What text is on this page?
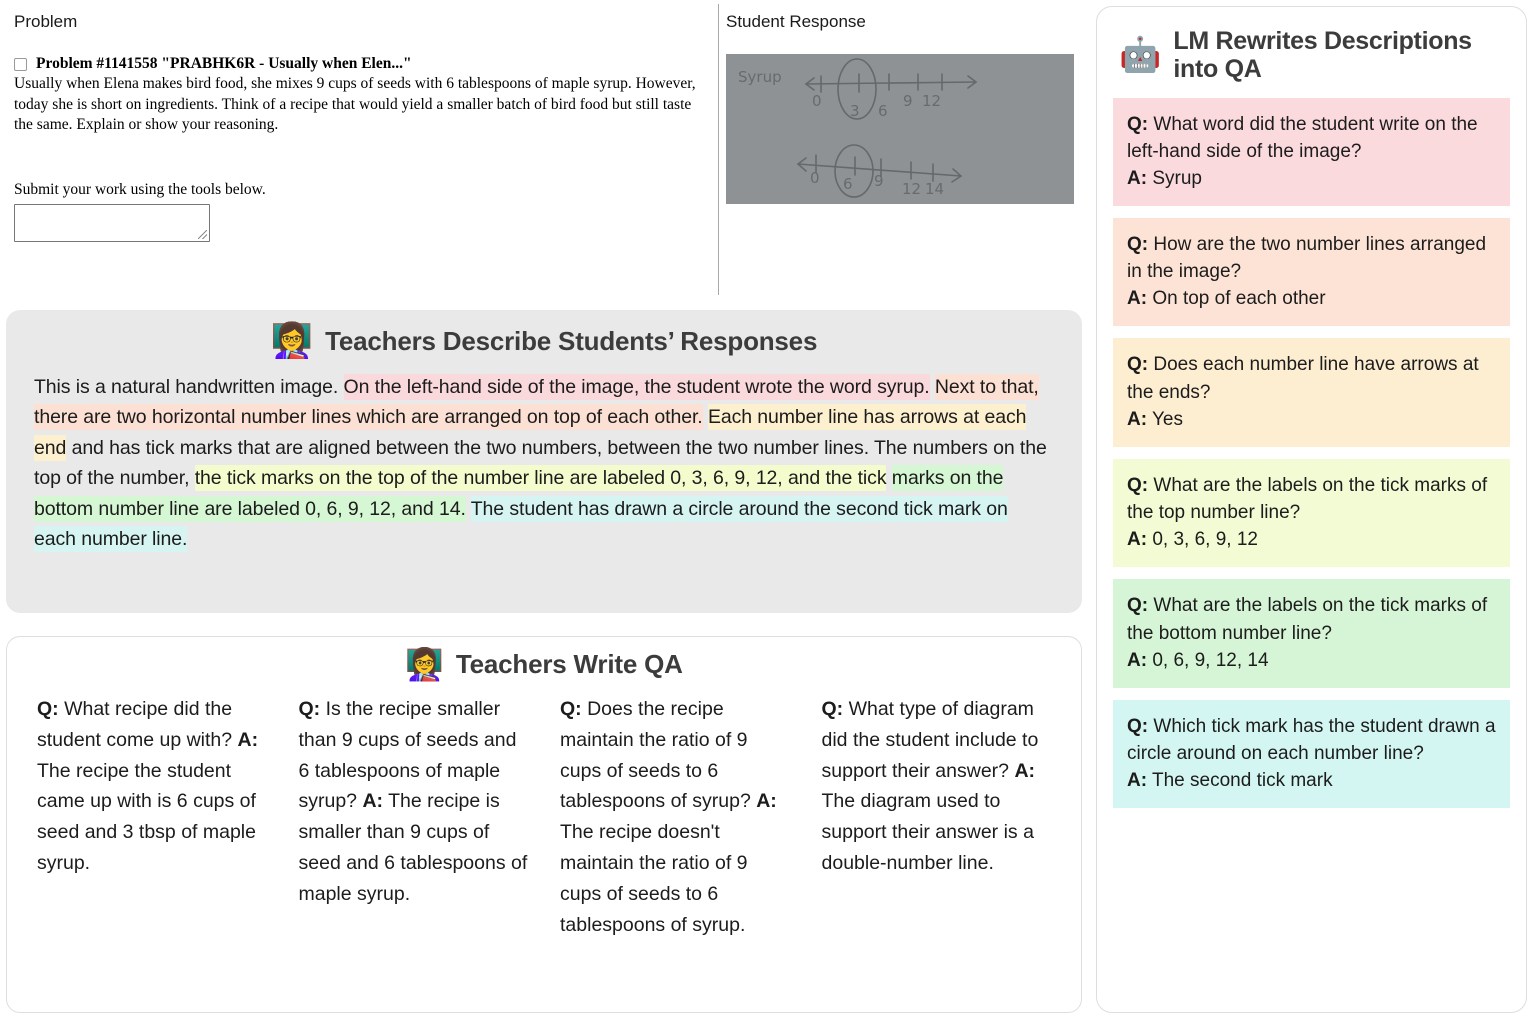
Problem
Problem #1141558 "PRABHK6R - Usually when Elen..."
Usually when Elena makes bird food, she mixes 9 cups of seeds with 6 tablespoons of maple syrup. However, today she is short on ingredients. Think of a recipe that would yield a smaller batch of bird food but still taste the same. Explain or show your reasoning.
Submit your work using the tools below.
Student Response
Syrup
0
3 6
9 12
0 6 9 12 14
👩‍🏫 Teachers Describe Students’ Responses
This is a natural handwritten image. On the left-hand side of the image, the student wrote the word syrup. Next to that, there are two horizontal number lines which are arranged on top of each other. Each number line has arrows at each end and has tick marks that are aligned between the two numbers, between the two number lines. The numbers on the top of the number, the tick marks on the top of the number line are labeled 0, 3, 6, 9, 12, and the tick marks on the bottom number line are labeled 0, 6, 9, 12, and 14. The student has drawn a circle around the second tick mark on each number line.
👩‍🏫 Teachers Write QA
Q: What recipe did the student come up with? A: The recipe the student came up with is 6 cups of seed and 3 tbsp of maple syrup.
Q: Is the recipe smaller than 9 cups of seeds and 6 tablespoons of maple syrup? A: The recipe is smaller than 9 cups of seed and 6 tablespoons of maple syrup.
Q: Does the recipe maintain the ratio of 9 cups of seeds to 6 tablespoons of syrup? A: The recipe doesn't maintain the ratio of 9 cups of seeds to 6 tablespoons of syrup.
Q: What type of diagram did the student include to support their answer? A: The diagram used to support their answer is a double-number line.
🤖 LM Rewrites Descriptions into QA
Q: What word did the student write on the left-hand side of the image?
A: Syrup
Q: How are the two number lines arranged in the image?
A: On top of each other
Q: Does each number line have arrows at the ends?
A: Yes
Q: What are the labels on the tick marks of the top number line?
A: 0, 3, 6, 9, 12
Q: What are the labels on the tick marks of the bottom number line?
A: 0, 6, 9, 12, 14
Q: Which tick mark has the student drawn a circle around on each number line?
A: The second tick mark
